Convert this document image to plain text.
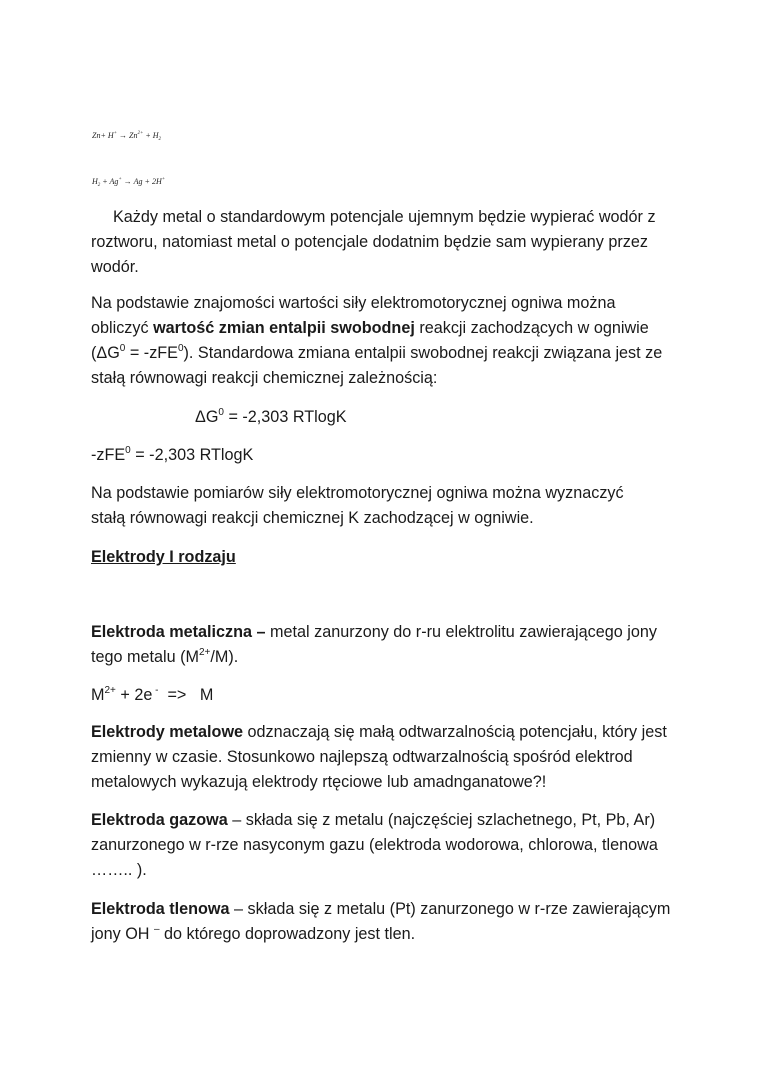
$Zn+ H^+ \to Zn^{2+} + H_2$
$H_2 + Ag^+ \to Ag + 2H^+$
Każdy metal o standardowym potencjale ujemnym będzie wypierać wodór z
roztworu, natomiast metal o potencjale dodatnim będzie sam wypierany przez
wodór.
Na podstawie znajomości wartości siły elektromotorycznej ogniwa można
obliczyć wartość zmian entalpii swobodnej reakcji zachodzących w ogniwie
$(\Delta G^0 = -zFE^0)$. Standardowa zmiana entalpii swobodnej reakcji związana jest ze
stałą równowagi reakcji chemicznej zależnością:
$\Delta G^0 = -2,303$ RTlogK
-zFE$^0$ = -2,303 RTlogK
Na podstawie pomiarów siły elektromotorycznej ogniwa można wyznaczyć
stałą równowagi reakcji chemicznej K zachodzącej w ogniwie.
Elektrody I rodzaju
Elektroda metaliczna – metal zanurzony do r-ru elektrolitu zawierającego jony
tego metalu $(M^{2+}/M)$.
$M^{2+} + 2e$ -  =>   M
Elektrody metalowe odznaczają się małą odtwarzalnością potencjału, który jest
zmienny w czasie. Stosunkowo najlepszą odtwarzalnością spośród elektrod
metalowych wykazują elektrody rtęciowe lub amadnganatowe?!
Elektroda gazowa – składa się z metalu (najczęściej szlachetnego, Pt, Pb, Ar)
zanurzonego w r-rze nasyconym gazu (elektroda wodorowa, chlorowa, tlenowa
…….. ).
Elektroda tlenowa – składa się z metalu (Pt) zanurzonego w r-rze zawierającym
jony OH – do którego doprowadzony jest tlen.
